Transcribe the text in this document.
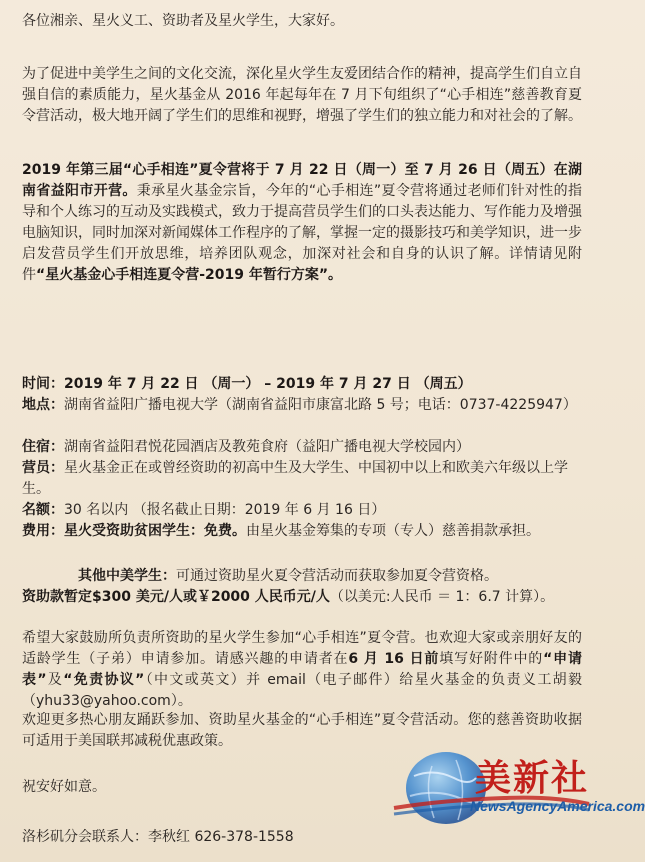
各位湘亲、星火义工、资助者及星火学生，大家好。

为了促进中美学生之间的文化交流，深化星火学生友爱团结合作的精神，提高学生们自立自强自信的素质能力，星火基金从 2016 年起每年在 7 月下旬组织了“心手相连”慈善教育夏令营活动，极大地开阔了学生们的思维和视野，增强了学生们的独立能力和对社会的了解。

2019 年第三届“心手相连”夏令营将于 7 月 22 日（周一）至 7 月 26 日（周五）在湖南省益阳市开营。秉承星火基金宗旨，今年的“心手相连”夏令营将通过老师们针对性的指导和个人练习的互动及实践模式，致力于提高营员学生们的口头表达能力、写作能力及增强电脑知识，同时加深对新闻媒体工作程序的了解，掌握一定的摄影技巧和美学知识，进一步启发营员学生们开放思维，培养团队观念，加深对社会和自身的认识了解。详情请见附件“星火基金心手相连夏令营-2019 年暂行方案”。

时间：2019 年 7 月 22 日 （周一） – 2019 年 7 月 27 日 （周五）

地点：湖南省益阳广播电视大学（湖南省益阳市康富北路 5 号；电话：0737-4225947）

住宿：湖南省益阳君悦花园酒店及教苑食府（益阳广播电视大学校园内）

营员：星火基金正在或曾经资助的初高中生及大学生、中国初中以上和欧美六年级以上学生。

名额：30 名以内 （报名截止日期：2019 年 6 月 16 日）

费用：星火受资助贫困学生：免费。由星火基金筹集的专项（专人）慈善捐款承担。

其他中美学生：可通过资助星火夏令营活动而获取参加夏令营资格。

资助款暂定$300 美元/人或￥2000 人民币元/人（以美元:人民币 ＝ 1：6.7 计算）。

希望大家鼓励所负责所资助的星火学生参加“心手相连”夏令营。也欢迎大家或亲朋好友的适龄学生（子弟）申请参加。请感兴趣的申请者在6 月 16 日前填写好附件中的“申请表”及“免责协议”（中文或英文）并 email（电子邮件）给星火基金的负责义工胡毅（yhu33@yahoo.com）。

欢迎更多热心朋友踊跃参加、资助星火基金的“心手相连”夏令营活动。您的慈善资助收据可适用于美国联邦减税优惠政策。

祝安好如意。

洛杉矶分会联系人：李秋红 626-378-1558

美新社
NewsAgencyAmerica.com
